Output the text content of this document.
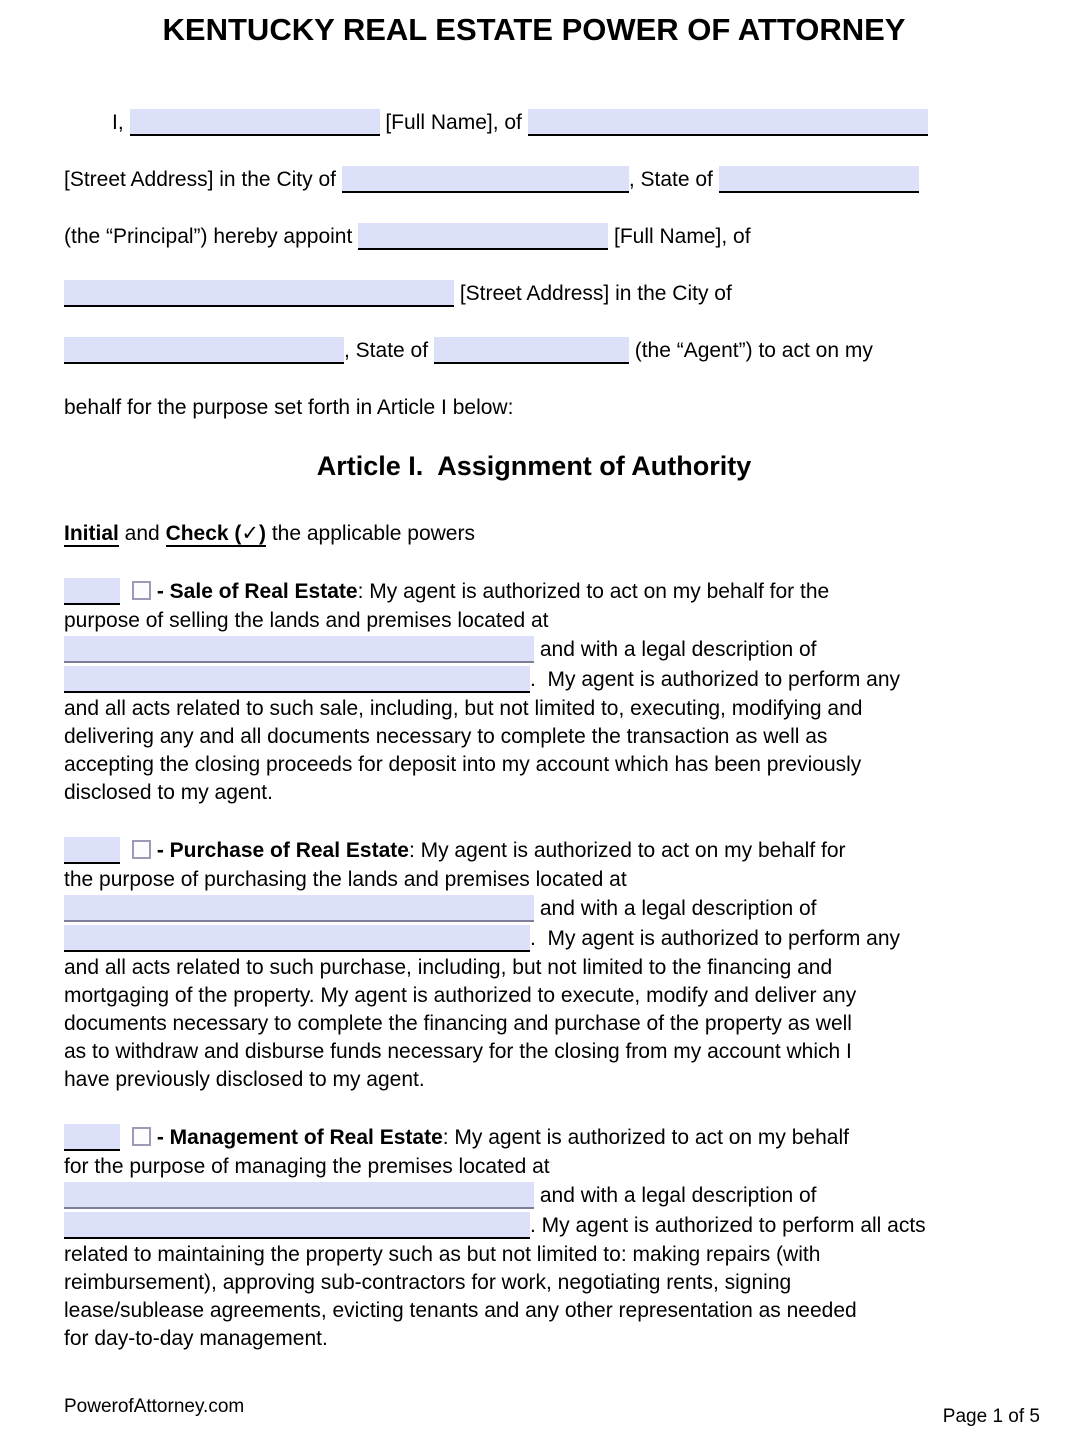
KENTUCKY REAL ESTATE POWER OF ATTORNEY
I,	[Full Name], of
[Street Address] in the City of	, State of
(the “Principal”) hereby appoint	[Full Name], of
[Street Address] in the City of
, State of	(the “Agent”) to act on my
behalf for the purpose set forth in Article I below:
Article I.  Assignment of Authority
Initial and Check (✓) the applicable powers
- Sale of Real Estate: My agent is authorized to act on my behalf for the
purpose of selling the lands and premises located at
and with a legal description of
.  My agent is authorized to perform any
and all acts related to such sale, including, but not limited to, executing, modifying and
delivering any and all documents necessary to complete the transaction as well as
accepting the closing proceeds for deposit into my account which has been previously
disclosed to my agent.
- Purchase of Real Estate: My agent is authorized to act on my behalf for
the purpose of purchasing the lands and premises located at
and with a legal description of
.  My agent is authorized to perform any
and all acts related to such purchase, including, but not limited to the financing and
mortgaging of the property. My agent is authorized to execute, modify and deliver any
documents necessary to complete the financing and purchase of the property as well
as to withdraw and disburse funds necessary for the closing from my account which I
have previously disclosed to my agent.
- Management of Real Estate: My agent is authorized to act on my behalf
for the purpose of managing the premises located at
and with a legal description of
. My agent is authorized to perform all acts
related to maintaining the property such as but not limited to: making repairs (with
reimbursement), approving sub-contractors for work, negotiating rents, signing
lease/sublease agreements, evicting tenants and any other representation as needed
for day-to-day management.
PowerofAttorney.com	Page 1 of 5
